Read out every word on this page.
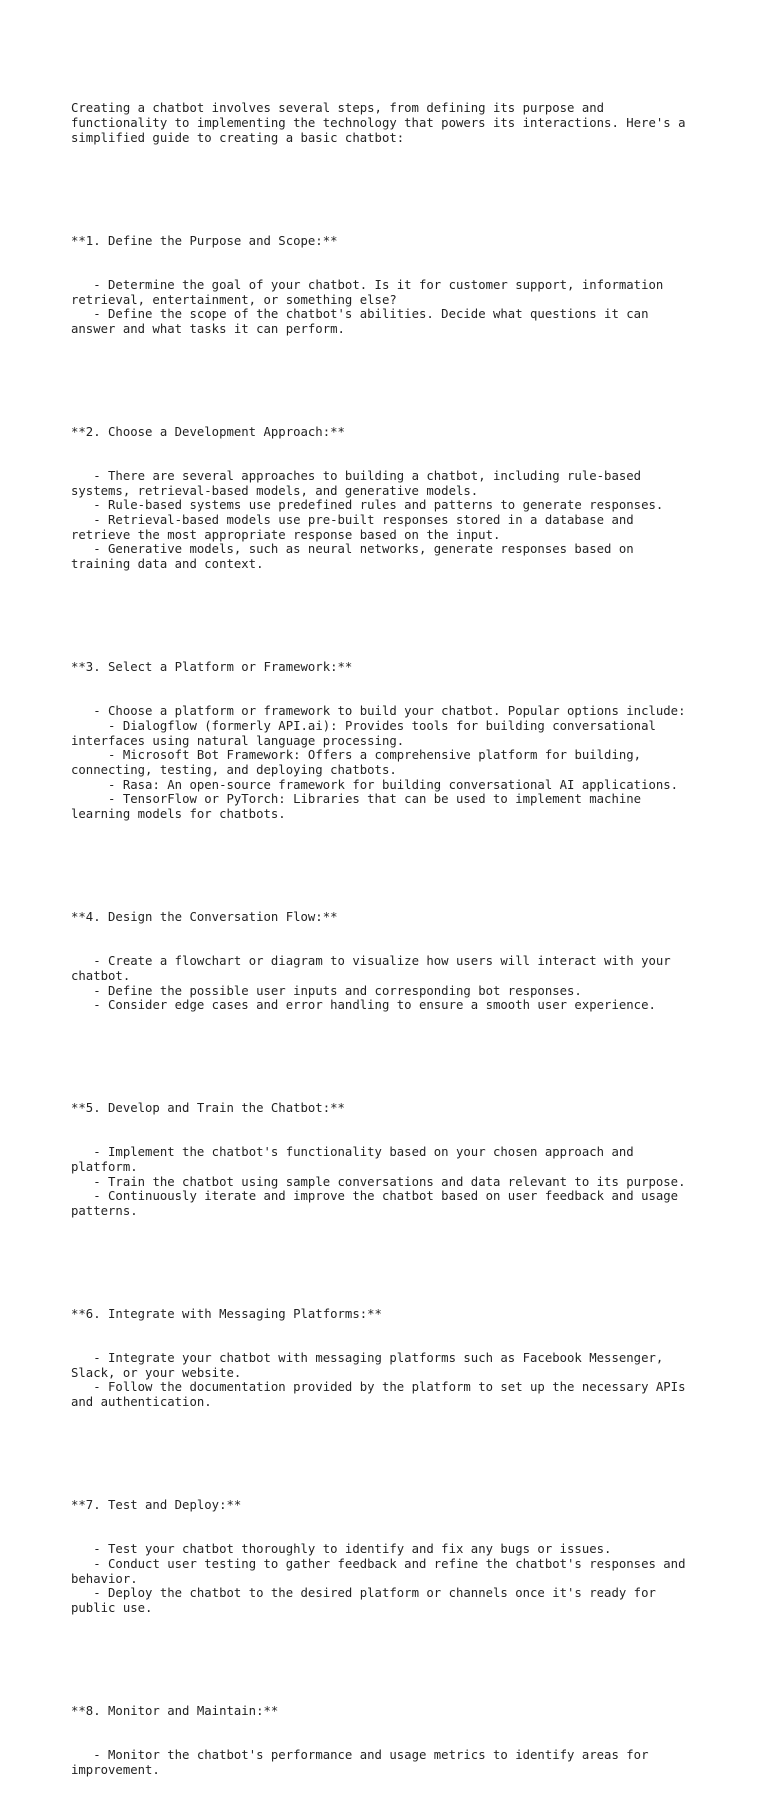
Creating a chatbot involves several steps, from defining its purpose and
functionality to implementing the technology that powers its interactions. Here's a
simplified guide to creating a basic chatbot:

**1. Define the Purpose and Scope:**

- Determine the goal of your chatbot. Is it for customer support, information
retrieval, entertainment, or something else?
- Define the scope of the chatbot's abilities. Decide what questions it can
answer and what tasks it can perform.

**2. Choose a Development Approach:**

- There are several approaches to building a chatbot, including rule-based
systems, retrieval-based models, and generative models.
- Rule-based systems use predefined rules and patterns to generate responses.
- Retrieval-based models use pre-built responses stored in a database and
retrieve the most appropriate response based on the input.
- Generative models, such as neural networks, generate responses based on
training data and context.

**3. Select a Platform or Framework:**

- Choose a platform or framework to build your chatbot. Popular options include:
- Dialogflow (formerly API.ai): Provides tools for building conversational
interfaces using natural language processing.
- Microsoft Bot Framework: Offers a comprehensive platform for building,
connecting, testing, and deploying chatbots.
- Rasa: An open-source framework for building conversational AI applications.
- TensorFlow or PyTorch: Libraries that can be used to implement machine
learning models for chatbots.

**4. Design the Conversation Flow:**

- Create a flowchart or diagram to visualize how users will interact with your
chatbot.
- Define the possible user inputs and corresponding bot responses.
- Consider edge cases and error handling to ensure a smooth user experience.

**5. Develop and Train the Chatbot:**

- Implement the chatbot's functionality based on your chosen approach and
platform.
- Train the chatbot using sample conversations and data relevant to its purpose.
- Continuously iterate and improve the chatbot based on user feedback and usage
patterns.

**6. Integrate with Messaging Platforms:**

- Integrate your chatbot with messaging platforms such as Facebook Messenger,
Slack, or your website.
- Follow the documentation provided by the platform to set up the necessary APIs
and authentication.

**7. Test and Deploy:**

- Test your chatbot thoroughly to identify and fix any bugs or issues.
- Conduct user testing to gather feedback and refine the chatbot's responses and
behavior.
- Deploy the chatbot to the desired platform or channels once it's ready for
public use.

**8. Monitor and Maintain:**

- Monitor the chatbot's performance and usage metrics to identify areas for
improvement.
